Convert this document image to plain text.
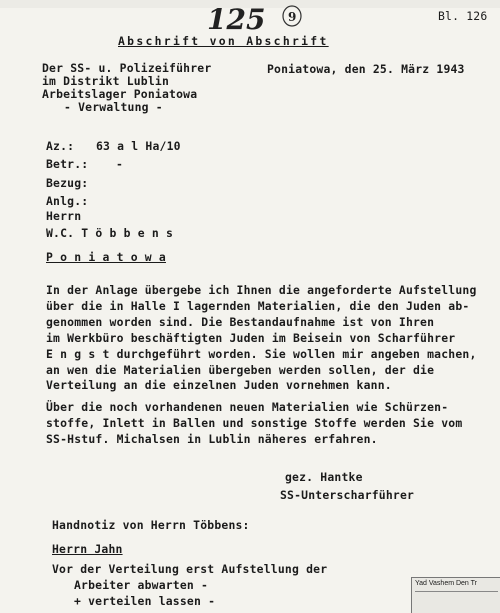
125 9	Bl. 126
Abschrift von Abschrift
Der SS- u. Polizeiführer
im Distrikt Lublin
Arbeitslager Poniatowa
- Verwaltung -
Poniatowa, den 25. März 1943
Az.: 63 a l Ha/10
Betr.: -
Bezug:
Anlg.:
Herrn
W.C. T ö b b e n s
P o n i a t o w a
In der Anlage übergebe ich Ihnen die angeforderte Aufstellung
über die in Halle I lagernden Materialien, die den Juden ab-
genommen worden sind. Die Bestandaufnahme ist von Ihren
im Werkbüro beschäftigten Juden im Beisein von Scharführer
E n g s t durchgeführt worden. Sie wollen mir angeben machen,
an wen die Materialien übergeben werden sollen, der die
Verteilung an die einzelnen Juden vornehmen kann.
Über die noch vorhandenen neuen Materialien wie Schürzen-
stoffe, Inlett in Ballen und sonstige Stoffe werden Sie vom
SS-Hstuf. Michalsen in Lublin näheres erfahren.
gez. Hantke
SS-Unterscharführer
Handnotiz von Herrn Többens:
Herrn Jahn
Vor der Verteilung erst Aufstellung der
Arbeiter abwarten -
+ verteilen lassen -
Yad Vashem Den Tr
